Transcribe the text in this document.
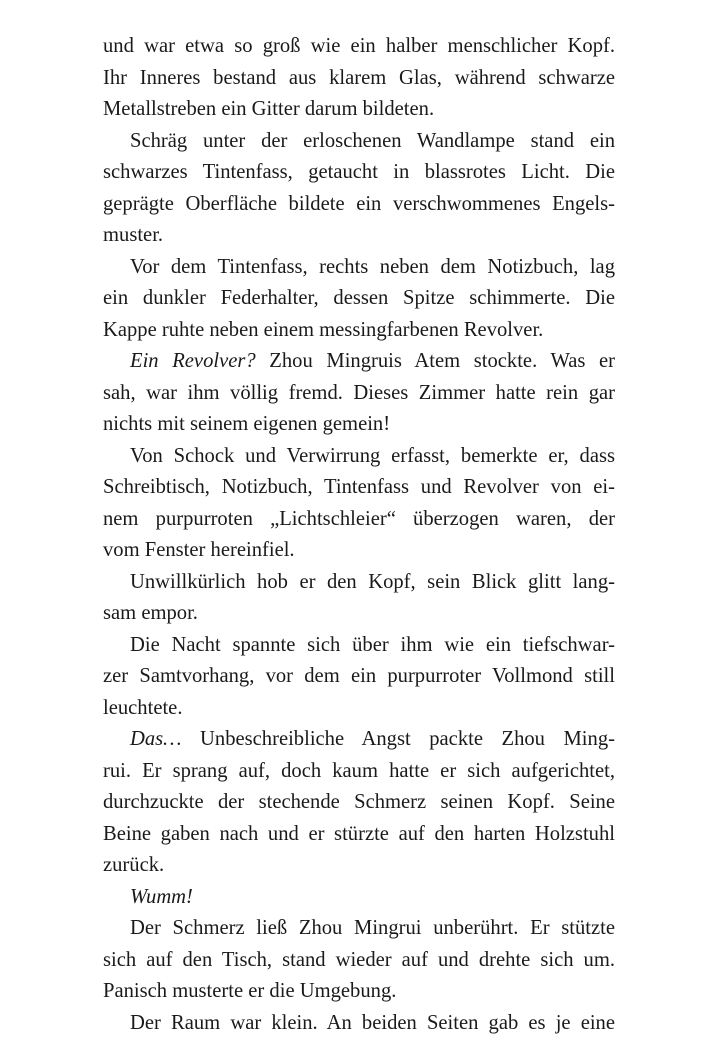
und war etwa so groß wie ein halber menschlicher Kopf.
Ihr Inneres bestand aus klarem Glas, während schwarze
Metallstreben ein Gitter darum bildeten.
Schräg unter der erloschenen Wandlampe stand ein
schwarzes Tintenfass, getaucht in blassrotes Licht. Die
geprägte Oberfläche bildete ein verschwommenes Engels-
muster.
Vor dem Tintenfass, rechts neben dem Notizbuch, lag
ein dunkler Federhalter, dessen Spitze schimmerte. Die
Kappe ruhte neben einem messingfarbenen Revolver.
Ein Revolver? Zhou Mingruis Atem stockte. Was er
sah, war ihm völlig fremd. Dieses Zimmer hatte rein gar
nichts mit seinem eigenen gemein!
Von Schock und Verwirrung erfasst, bemerkte er, dass
Schreibtisch, Notizbuch, Tintenfass und Revolver von ei-
nem purpurroten „Lichtschleier“ überzogen waren, der
vom Fenster hereinfiel.
Unwillkürlich hob er den Kopf, sein Blick glitt lang-
sam empor.
Die Nacht spannte sich über ihm wie ein tiefschwar-
zer Samtvorhang, vor dem ein purpurroter Vollmond still
leuchtete.
Das… Unbeschreibliche Angst packte Zhou Ming-
rui. Er sprang auf, doch kaum hatte er sich aufgerichtet,
durchzuckte der stechende Schmerz seinen Kopf. Seine
Beine gaben nach und er stürzte auf den harten Holzstuhl
zurück.
Wumm!
Der Schmerz ließ Zhou Mingrui unberührt. Er stützte
sich auf den Tisch, stand wieder auf und drehte sich um.
Panisch musterte er die Umgebung.
Der Raum war klein. An beiden Seiten gab es je eine
